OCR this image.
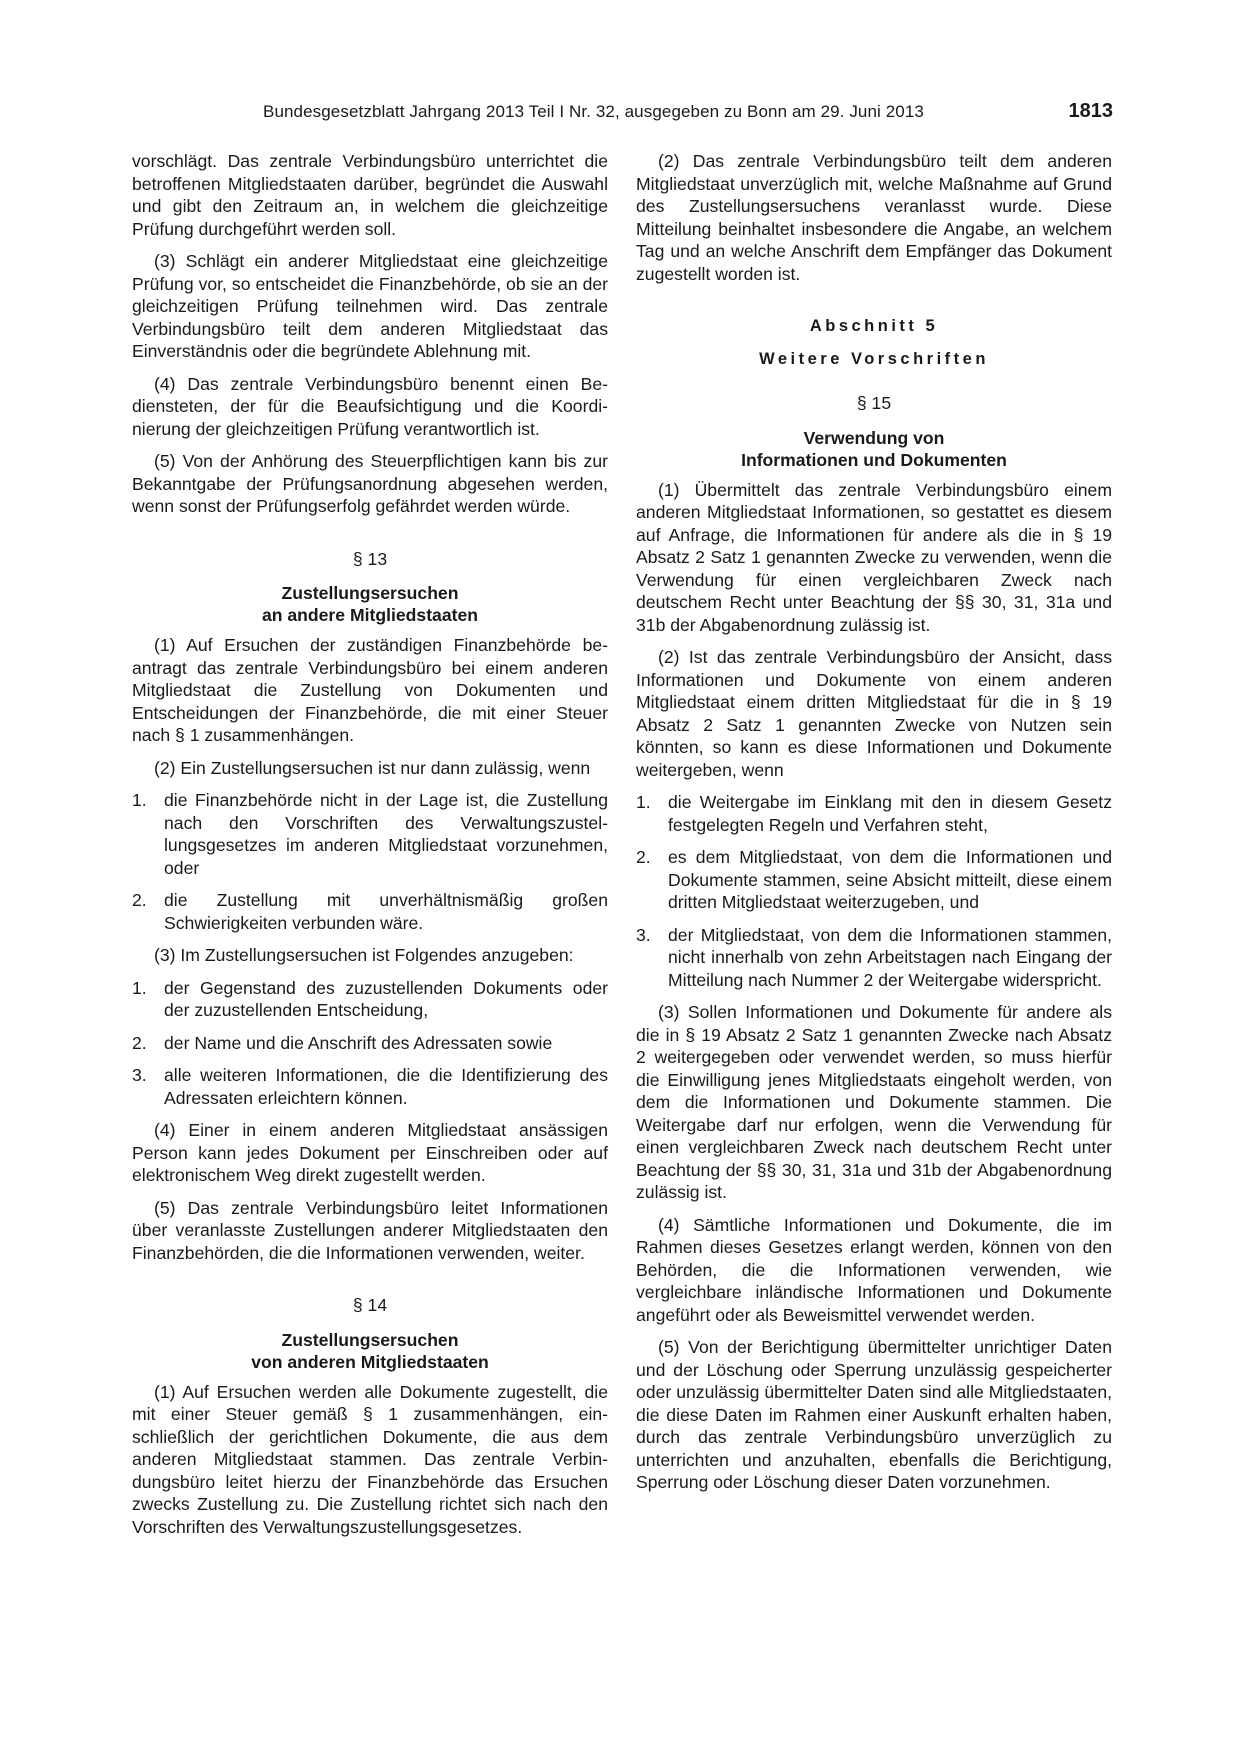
Bundesgesetzblatt Jahrgang 2013 Teil I Nr. 32, ausgegeben zu Bonn am 29. Juni 2013	1813

vorschlägt. Das zentrale Verbindungsbüro unterrichtet die betroffenen Mitgliedstaaten darüber, begründet die Auswahl und gibt den Zeitraum an, in welchem die gleichzeitige Prüfung durchgeführt werden soll.

(3) Schlägt ein anderer Mitgliedstaat eine gleichzeitige Prüfung vor, so entscheidet die Finanzbehörde, ob sie an der gleichzeitigen Prüfung teilnehmen wird. Das zentrale Verbindungsbüro teilt dem anderen Mitgliedstaat das Einverständnis oder die begründete Ablehnung mit.

(4) Das zentrale Verbindungsbüro benennt einen Bediensteten, der für die Beaufsichtigung und die Koordinierung der gleichzeitigen Prüfung verantwortlich ist.

(5) Von der Anhörung des Steuerpflichtigen kann bis zur Bekanntgabe der Prüfungsanordnung abgesehen werden, wenn sonst der Prüfungserfolg gefährdet werden würde.

§ 13
Zustellungsersuchen
an andere Mitgliedstaaten

(1) Auf Ersuchen der zuständigen Finanzbehörde beantragt das zentrale Verbindungsbüro bei einem anderen Mitgliedstaat die Zustellung von Dokumenten und Entscheidungen der Finanzbehörde, die mit einer Steuer nach § 1 zusammenhängen.

(2) Ein Zustellungsersuchen ist nur dann zulässig, wenn

1. die Finanzbehörde nicht in der Lage ist, die Zustellung nach den Vorschriften des Verwaltungszustellungsgesetzes im anderen Mitgliedstaat vorzunehmen, oder
2. die Zustellung mit unverhältnismäßig großen Schwierigkeiten verbunden wäre.

(3) Im Zustellungsersuchen ist Folgendes anzugeben:

1. der Gegenstand des zuzustellenden Dokuments oder der zuzustellenden Entscheidung,
2. der Name und die Anschrift des Adressaten sowie
3. alle weiteren Informationen, die die Identifizierung des Adressaten erleichtern können.

(4) Einer in einem anderen Mitgliedstaat ansässigen Person kann jedes Dokument per Einschreiben oder auf elektronischem Weg direkt zugestellt werden.

(5) Das zentrale Verbindungsbüro leitet Informationen über veranlasste Zustellungen anderer Mitgliedstaaten den Finanzbehörden, die die Informationen verwenden, weiter.

§ 14
Zustellungsersuchen
von anderen Mitgliedstaaten

(1) Auf Ersuchen werden alle Dokumente zugestellt, die mit einer Steuer gemäß § 1 zusammenhängen, einschließlich der gerichtlichen Dokumente, die aus dem anderen Mitgliedstaat stammen. Das zentrale Verbindungsbüro leitet hierzu der Finanzbehörde das Ersuchen zwecks Zustellung zu. Die Zustellung richtet sich nach den Vorschriften des Verwaltungszustellungsgesetzes.

(2) Das zentrale Verbindungsbüro teilt dem anderen Mitgliedstaat unverzüglich mit, welche Maßnahme auf Grund des Zustellungsersuchens veranlasst wurde. Diese Mitteilung beinhaltet insbesondere die Angabe, an welchem Tag und an welche Anschrift dem Empfänger das Dokument zugestellt worden ist.

Abschnitt 5
Weitere Vorschriften
§ 15
Verwendung von
Informationen und Dokumenten

(1) Übermittelt das zentrale Verbindungsbüro einem anderen Mitgliedstaat Informationen, so gestattet es diesem auf Anfrage, die Informationen für andere als die in § 19 Absatz 2 Satz 1 genannten Zwecke zu verwenden, wenn die Verwendung für einen vergleichbaren Zweck nach deutschem Recht unter Beachtung der §§ 30, 31, 31a und 31b der Abgabenordnung zulässig ist.

(2) Ist das zentrale Verbindungsbüro der Ansicht, dass Informationen und Dokumente von einem anderen Mitgliedstaat einem dritten Mitgliedstaat für die in § 19 Absatz 2 Satz 1 genannten Zwecke von Nutzen sein könnten, so kann es diese Informationen und Dokumente weitergeben, wenn

1. die Weitergabe im Einklang mit den in diesem Gesetz festgelegten Regeln und Verfahren steht,
2. es dem Mitgliedstaat, von dem die Informationen und Dokumente stammen, seine Absicht mitteilt, diese einem dritten Mitgliedstaat weiterzugeben, und
3. der Mitgliedstaat, von dem die Informationen stammen, nicht innerhalb von zehn Arbeitstagen nach Eingang der Mitteilung nach Nummer 2 der Weitergabe widerspricht.

(3) Sollen Informationen und Dokumente für andere als die in § 19 Absatz 2 Satz 1 genannten Zwecke nach Absatz 2 weitergegeben oder verwendet werden, so muss hierfür die Einwilligung jenes Mitgliedstaats eingeholt werden, von dem die Informationen und Dokumente stammen. Die Weitergabe darf nur erfolgen, wenn die Verwendung für einen vergleichbaren Zweck nach deutschem Recht unter Beachtung der §§ 30, 31, 31a und 31b der Abgabenordnung zulässig ist.

(4) Sämtliche Informationen und Dokumente, die im Rahmen dieses Gesetzes erlangt werden, können von den Behörden, die die Informationen verwenden, wie vergleichbare inländische Informationen und Dokumente angeführt oder als Beweismittel verwendet werden.

(5) Von der Berichtigung übermittelter unrichtiger Daten und der Löschung oder Sperrung unzulässig gespeicherter oder unzulässig übermittelter Daten sind alle Mitgliedstaaten, die diese Daten im Rahmen einer Auskunft erhalten haben, durch das zentrale Verbindungsbüro unverzüglich zu unterrichten und anzuhalten, ebenfalls die Berichtigung, Sperrung oder Löschung dieser Daten vorzunehmen.
